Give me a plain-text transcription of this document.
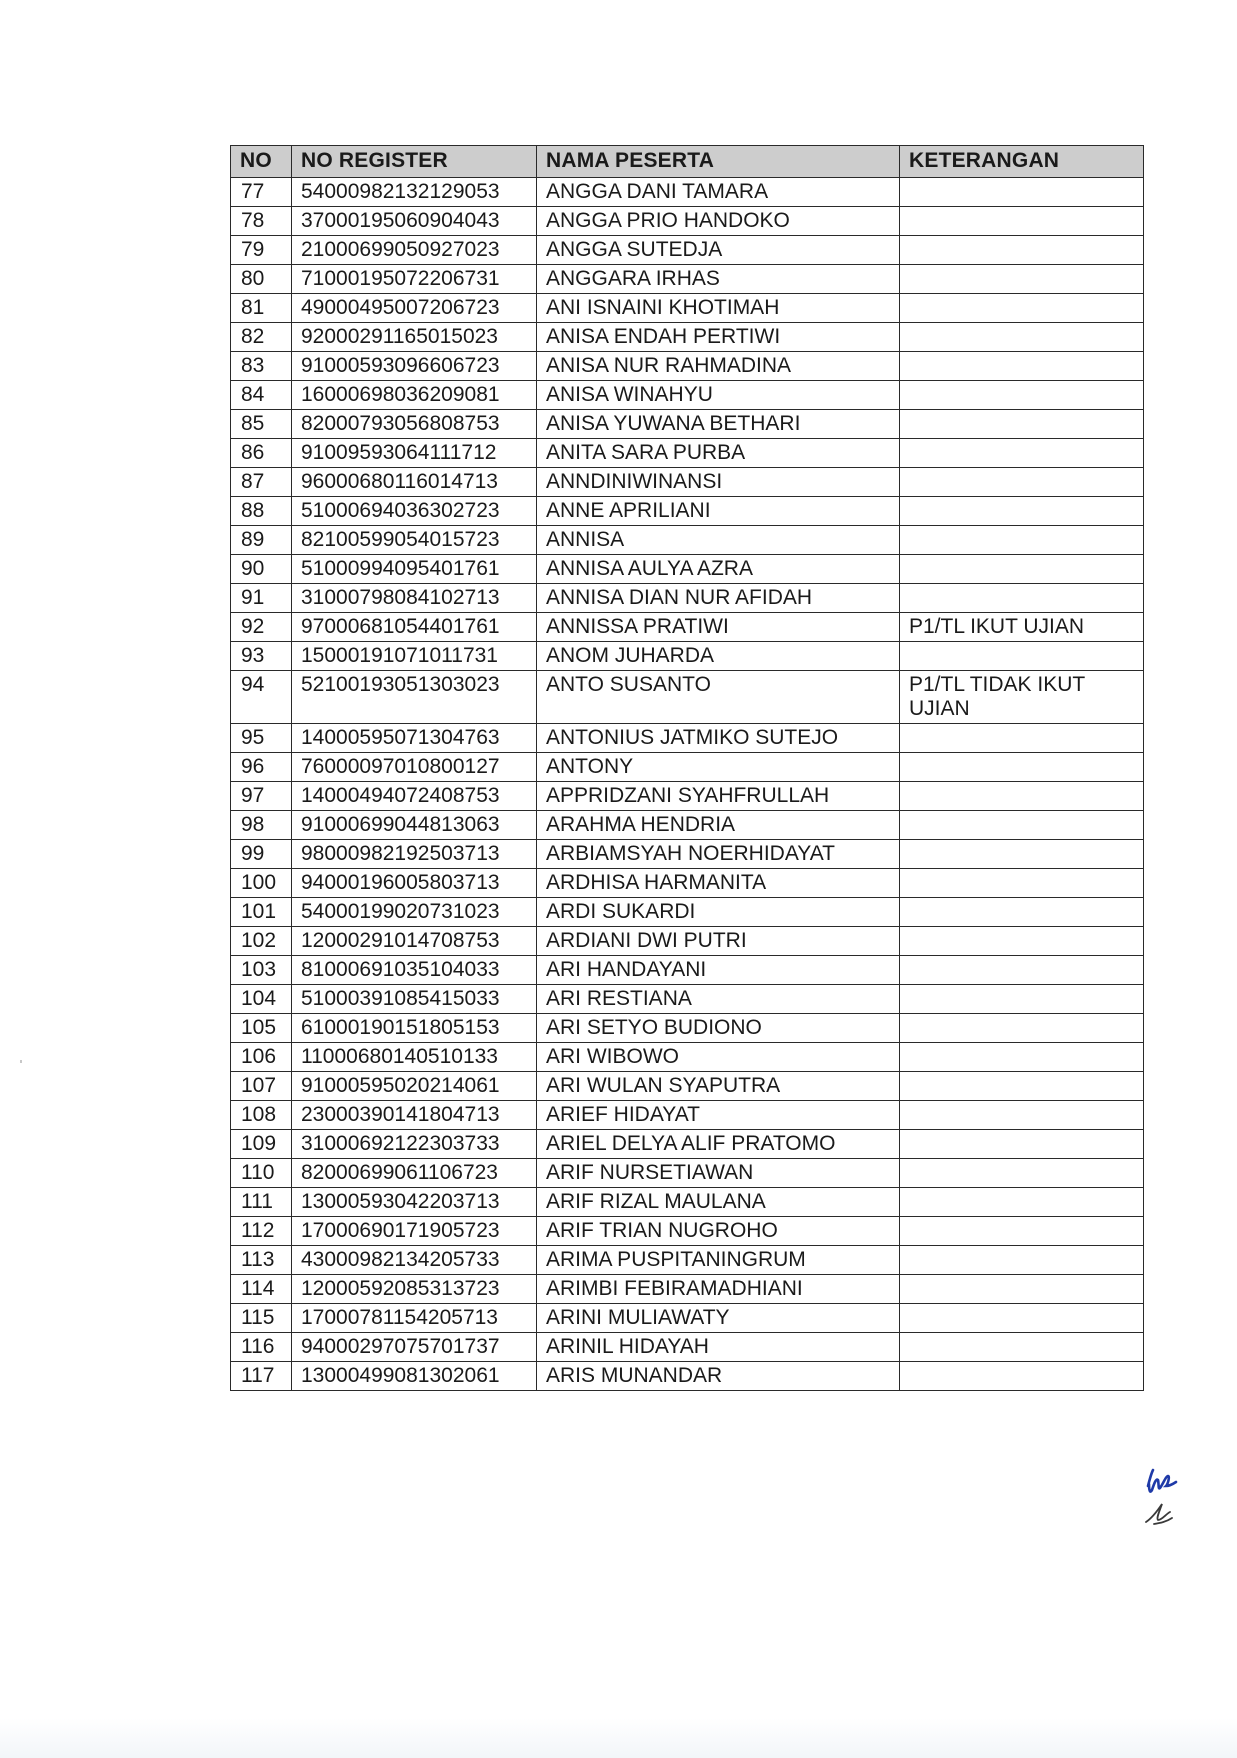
NO	NO REGISTER	NAMA PESERTA	KETERANGAN
77	54000982132129053	ANGGA DANI TAMARA	
78	37000195060904043	ANGGA PRIO HANDOKO	
79	21000699050927023	ANGGA SUTEDJA	
80	71000195072206731	ANGGARA IRHAS	
81	49000495007206723	ANI ISNAINI KHOTIMAH	
82	92000291165015023	ANISA ENDAH PERTIWI	
83	91000593096606723	ANISA NUR RAHMADINA	
84	16000698036209081	ANISA WINAHYU	
85	82000793056808753	ANISA YUWANA BETHARI	
86	91009593064111712	ANITA SARA PURBA	
87	96000680116014713	ANNDINIWINANSI	
88	51000694036302723	ANNE APRILIANI	
89	82100599054015723	ANNISA	
90	51000994095401761	ANNISA AULYA AZRA	
91	31000798084102713	ANNISA DIAN NUR AFIDAH	
92	97000681054401761	ANNISSA PRATIWI	P1/TL IKUT UJIAN
93	15000191071011731	ANOM JUHARDA	
94	52100193051303023	ANTO SUSANTO	P1/TL TIDAK IKUT UJIAN
95	14000595071304763	ANTONIUS JATMIKO SUTEJO	
96	76000097010800127	ANTONY	
97	14000494072408753	APPRIDZANI SYAHFRULLAH	
98	91000699044813063	ARAHMA HENDRIA	
99	98000982192503713	ARBIAMSYAH NOERHIDAYAT	
100	94000196005803713	ARDHISA HARMANITA	
101	54000199020731023	ARDI SUKARDI	
102	12000291014708753	ARDIANI DWI PUTRI	
103	81000691035104033	ARI HANDAYANI	
104	51000391085415033	ARI RESTIANA	
105	61000190151805153	ARI SETYO BUDIONO	
106	11000680140510133	ARI WIBOWO	
107	91000595020214061	ARI WULAN SYAPUTRA	
108	23000390141804713	ARIEF HIDAYAT	
109	31000692122303733	ARIEL DELYA ALIF PRATOMO	
110	82000699061106723	ARIF NURSETIAWAN	
111	13000593042203713	ARIF RIZAL MAULANA	
112	17000690171905723	ARIF TRIAN NUGROHO	
113	43000982134205733	ARIMA PUSPITANINGRUM	
114	12000592085313723	ARIMBI FEBIRAMADHIANI	
115	17000781154205713	ARINI MULIAWATY	
116	94000297075701737	ARINIL HIDAYAH	
117	13000499081302061	ARIS MUNANDAR	
